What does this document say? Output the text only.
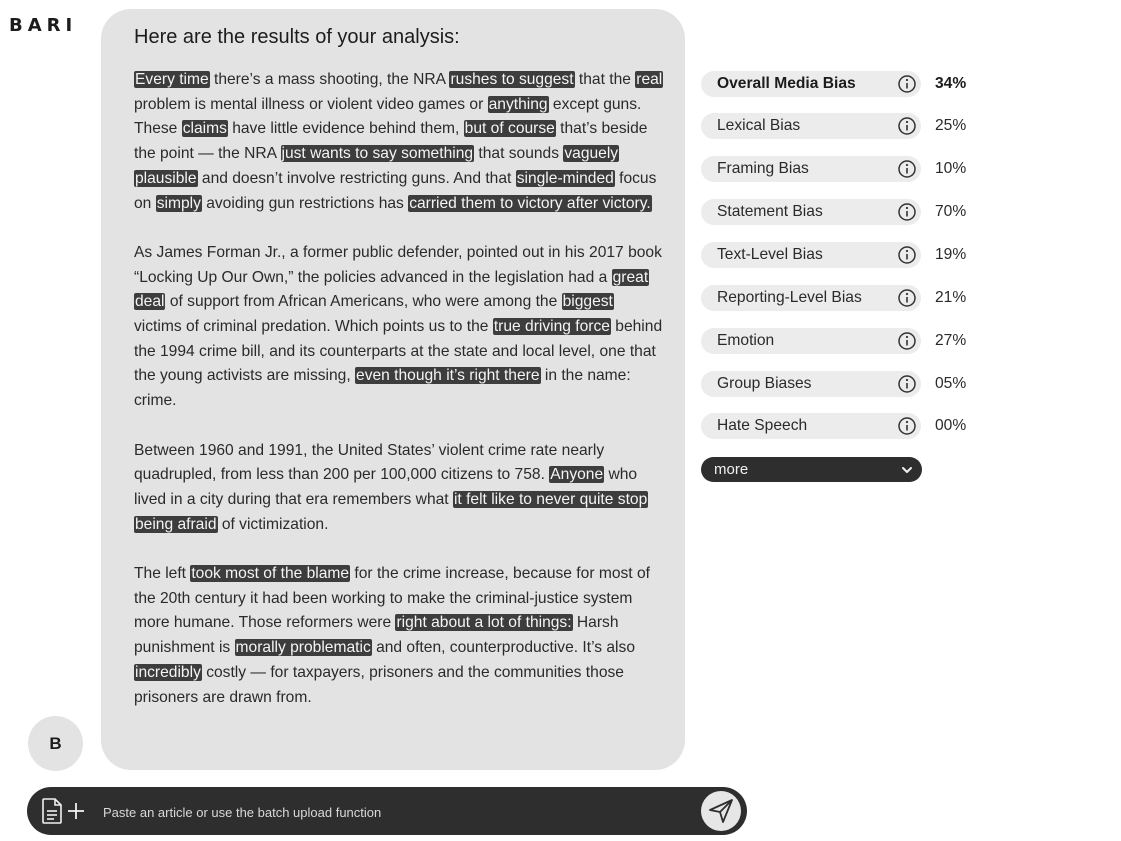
BARI
Here are the results of your analysis:

Every time there’s a mass shooting, the NRA rushes to suggest that the real problem is mental illness or violent video games or anything except guns. These claims have little evidence behind them, but of course that’s beside the point — the NRA just wants to say something that sounds vaguely plausible and doesn’t involve restricting guns. And that single-minded focus on simply avoiding gun restrictions has carried them to victory after victory.

As James Forman Jr., a former public defender, pointed out in his 2017 book “Locking Up Our Own,” the policies advanced in the legislation had a great deal of support from African Americans, who were among the biggest victims of criminal predation. Which points us to the true driving force behind the 1994 crime bill, and its counterparts at the state and local level, one that the young activists are missing, even though it’s right there in the name: crime.

Between 1960 and 1991, the United States’ violent crime rate nearly quadrupled, from less than 200 per 100,000 citizens to 758. Anyone who lived in a city during that era remembers what it felt like to never quite stop being afraid of victimization.

The left took most of the blame for the crime increase, because for most of the 20th century it had been working to make the criminal-justice system more humane. Those reformers were right about a lot of things: Harsh punishment is morally problematic and often, counterproductive. It’s also incredibly costly — for taxpayers, prisoners and the communities those prisoners are drawn from.

B
Overall Media Bias	34%
Lexical Bias	25%
Framing Bias	10%
Statement Bias	70%
Text-Level Bias	19%
Reporting-Level Bias	21%
Emotion	27%
Group Biases	05%
Hate Speech	00%
more
Paste an article or use the batch upload function
